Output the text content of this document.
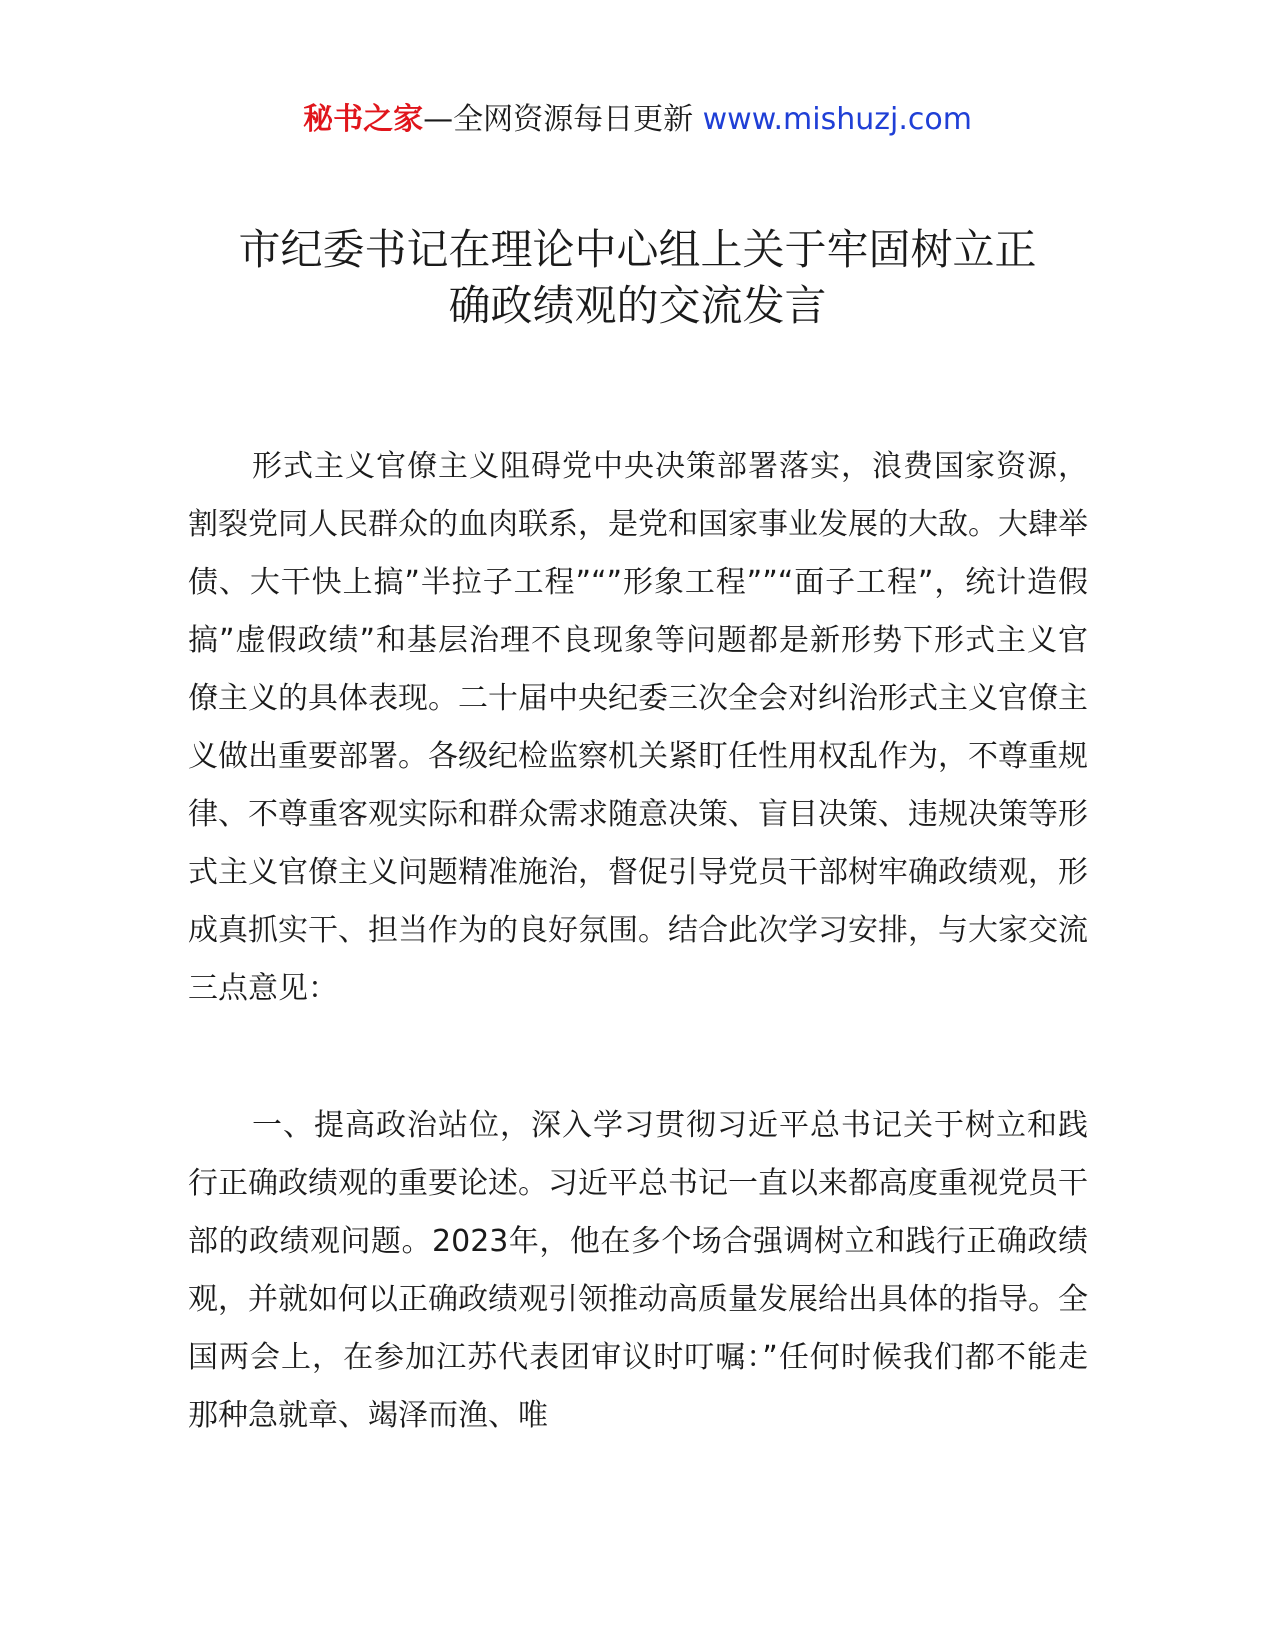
秘书之家—全网资源每日更新 www.mishuzj.com
市纪委书记在理论中心组上关于牢固树立正
确政绩观的交流发言

形式主义官僚主义阻碍党中央决策部署落实，浪费国家资源，割裂党同人民群众的血肉联系，是党和国家事业发展的大敌。大肆举债、大干快上搞”半拉子工程”“”形象工程””“面子工程”，统计造假搞”虚假政绩”和基层治理不良现象等问题都是新形势下形式主义官僚主义的具体表现。二十届中央纪委三次全会对纠治形式主义官僚主义做出重要部署。各级纪检监察机关紧盯任性用权乱作为，不尊重规律、不尊重客观实际和群众需求随意决策、盲目决策、违规决策等形式主义官僚主义问题精准施治，督促引导党员干部树牢确政绩观，形成真抓实干、担当作为的良好氛围。结合此次学习安排，与大家交流三点意见：

一、提高政治站位，深入学习贯彻习近平总书记关于树立和践行正确政绩观的重要论述。习近平总书记一直以来都高度重视党员干部的政绩观问题。2023年，他在多个场合强调树立和践行正确政绩观，并就如何以正确政绩观引领推动高质量发展给出具体的指导。全国两会上，在参加江苏代表团审议时叮嘱：”任何时候我们都不能走那种急就章、竭泽而渔、唯
